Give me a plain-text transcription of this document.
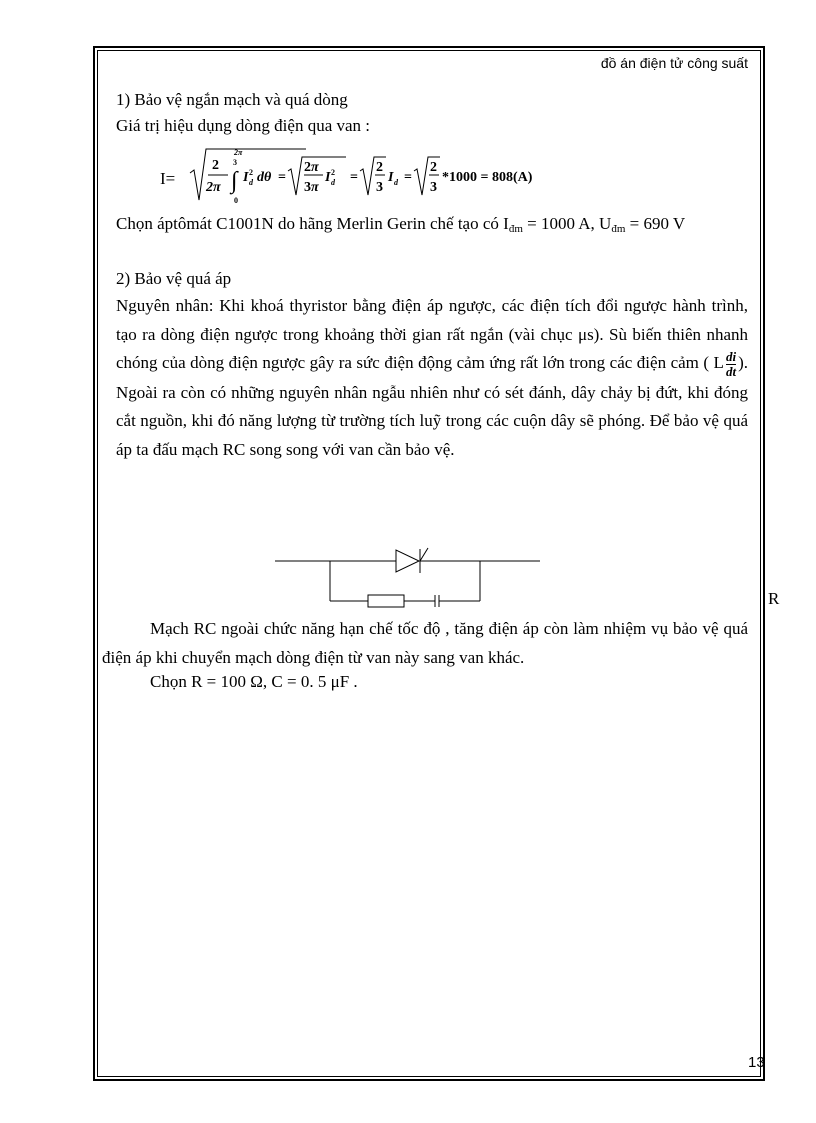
đồ án điện tử công suất
1) Bảo vệ ngắn mạch và quá dòng
Giá trị hiệu dụng dòng điện qua van :
I=
2
2π ∫
2π
3
0
I 2
d dθ =
2π
3π
I 2
d =
2
3
I d =
2
3
*1000 = 808(A)
Chọn áptômát C1001N do hãng Merlin Gerin chế tạo có $I_{đm} = 1000$ A, $U_{đm} = 690$ V
2) Bảo vệ quá áp
Nguyên nhân: Khi khoá thyristor bằng điện áp ngược, các điện tích đổi ngược hành trình, tạo ra dòng điện ngược trong khoảng thời gian rất ngắn (vài chục μs). Sù biến thiên nhanh chóng của dòng điện ngược gây ra sức điện động cảm ứng rất lớn trong các điện cảm ( L $\frac{di}{dt}$ ). Ngoài ra còn có những nguyên nhân ngẫu nhiên như có sét đánh, dây chảy bị đứt, khi đóng cắt nguồn, khi đó năng lượng từ trường tích luỹ trong các cuộn dây sẽ phóng. Để bảo vệ quá áp ta đấu mạch RC song song với van cần bảo vệ.
R
Mạch RC ngoài chức năng hạn chế tốc độ , tăng điện áp còn làm nhiệm vụ bảo vệ quá điện áp khi chuyển mạch dòng điện từ van này sang van khác.
Chọn R = 100 Ω, C = 0. 5 μF .
13
